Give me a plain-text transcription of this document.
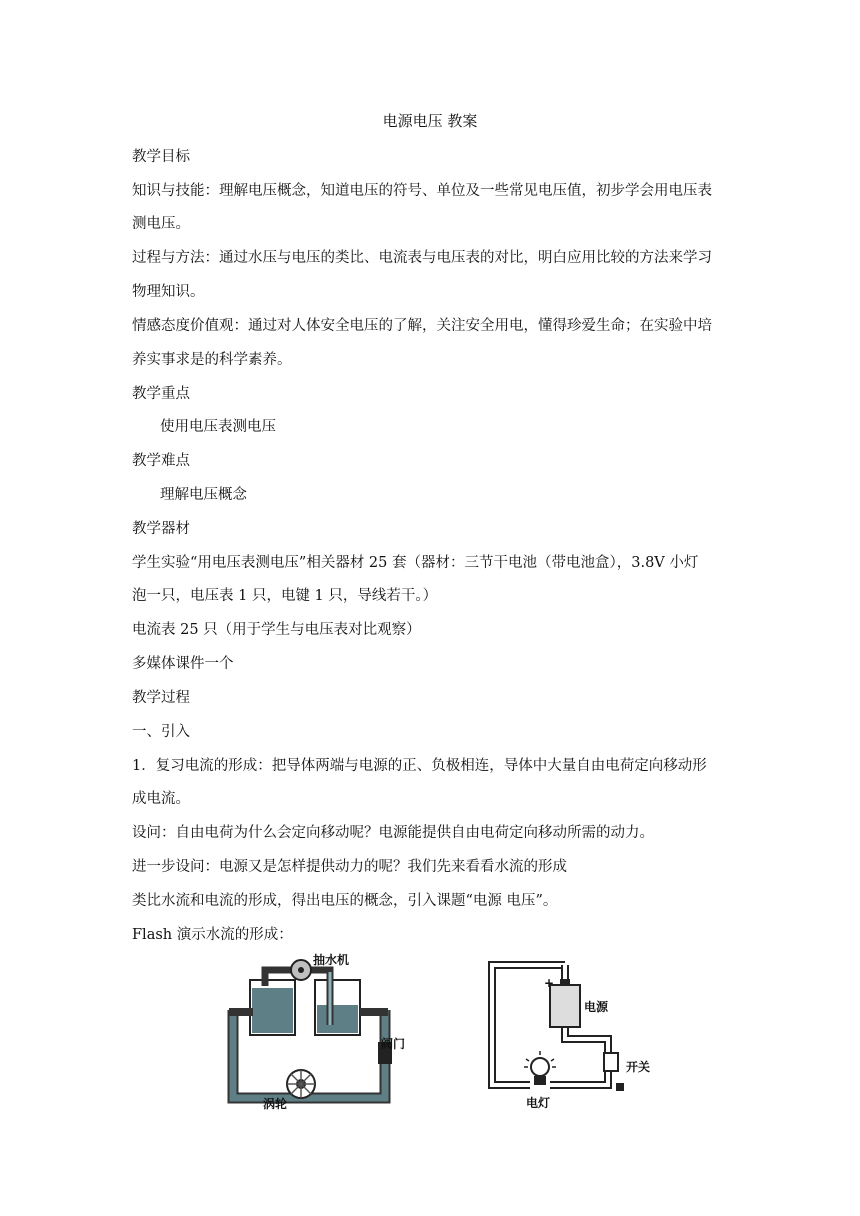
电源电压 教案
教学目标
知识与技能：理解电压概念，知道电压的符号、单位及一些常见电压值，初步学会用电压表
测电压。
过程与方法：通过水压与电压的类比、电流表与电压表的对比，明白应用比较的方法来学习
物理知识。
情感态度价值观：通过对人体安全电压的了解，关注安全用电，懂得珍爱生命；在实验中培
养实事求是的科学素养。
教学重点
使用电压表测电压
教学难点
理解电压概念
教学器材
学生实验“用电压表测电压”相关器材 25 套（器材：三节干电池（带电池盒），3.8V 小灯
泡一只，电压表 1 只，电键 1 只，导线若干。）
电流表 25 只（用于学生与电压表对比观察）
多媒体课件一个
教学过程
一、引入
1．复习电流的形成：把导体两端与电源的正、负极相连，导体中大量自由电荷定向移动形
成电流。
设问：自由电荷为什么会定向移动呢？电源能提供自由电荷定向移动所需的动力。
进一步设问：电源又是怎样提供动力的呢？我们先来看看水流的形成
类比水流和电流的形成，得出电压的概念，引入课题“电源 电压”。
Flash 演示水流的形成：
抽水机
阀门
涡轮
+
电源
开关
电灯
